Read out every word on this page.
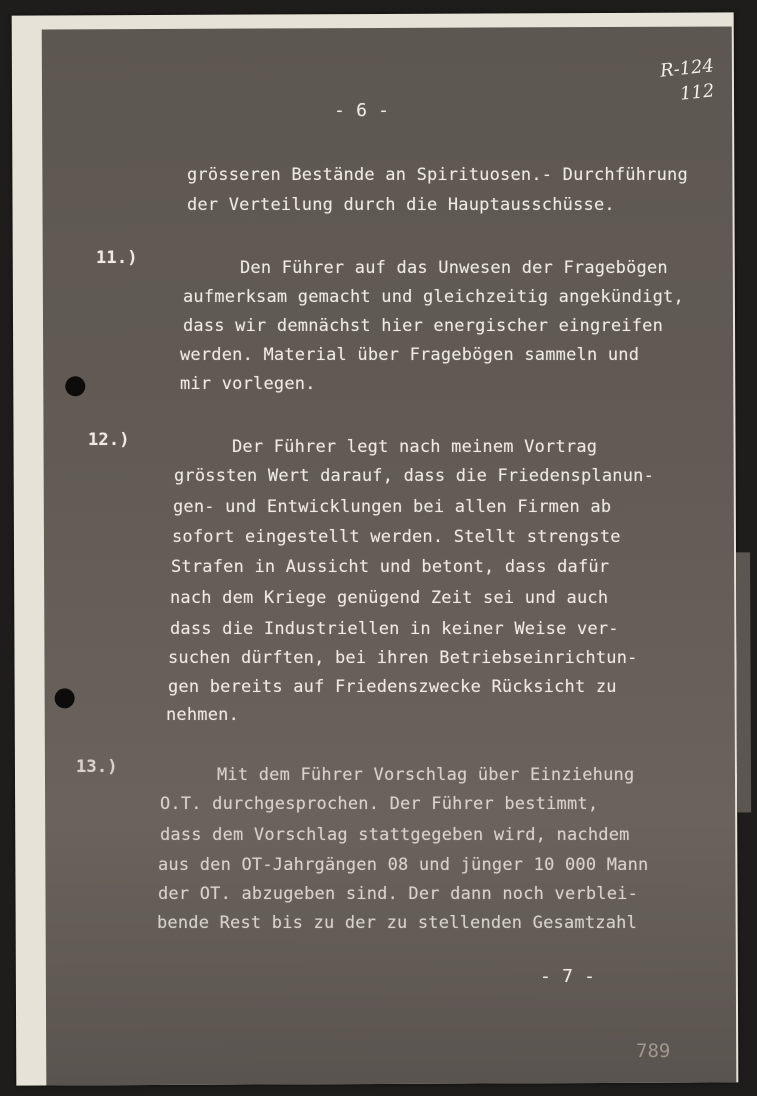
R-124
112
- 6 -
grösseren Bestände an Spirituosen.- Durchführung
der Verteilung durch die Hauptausschüsse.
11.)	Den Führer auf das Unwesen der Fragebögen
aufmerksam gemacht und gleichzeitig angekündigt,
dass wir demnächst hier energischer eingreifen
werden. Material über Fragebögen sammeln und
mir vorlegen.
12.)	Der Führer legt nach meinem Vortrag
grössten Wert darauf, dass die Friedensplanun-
gen- und Entwicklungen bei allen Firmen ab
sofort eingestellt werden. Stellt strengste
Strafen in Aussicht und betont, dass dafür
nach dem Kriege genügend Zeit sei und auch
dass die Industriellen in keiner Weise ver-
suchen dürften, bei ihren Betriebseinrichtun-
gen bereits auf Friedenszwecke Rücksicht zu
nehmen.
13.)	Mit dem Führer Vorschlag über Einziehung
O.T. durchgesprochen. Der Führer bestimmt,
dass dem Vorschlag stattgegeben wird, nachdem
aus den OT-Jahrgängen 08 und jünger 10 000 Mann
der OT. abzugeben sind. Der dann noch verblei-
bende Rest bis zu der zu stellenden Gesamtzahl
- 7 -
789
